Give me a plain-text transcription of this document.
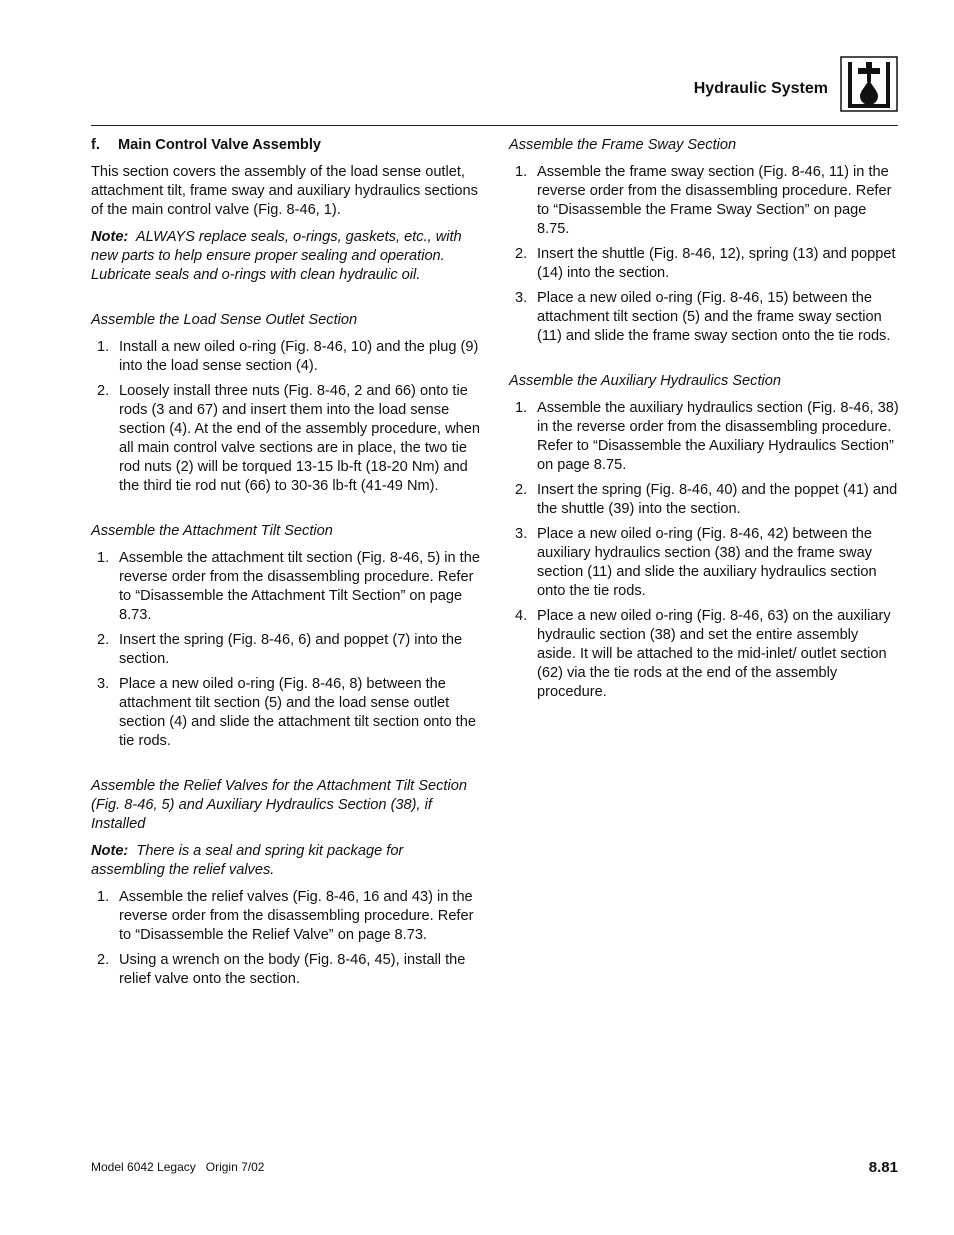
Hydraulic System
f. Main Control Valve Assembly
This section covers the assembly of the load sense outlet, attachment tilt, frame sway and auxiliary hydraulics sections of the main control valve (Fig. 8-46, 1).
Note: ALWAYS replace seals, o-rings, gaskets, etc., with new parts to help ensure proper sealing and operation. Lubricate seals and o-rings with clean hydraulic oil.
Assemble the Load Sense Outlet Section
1. Install a new oiled o-ring (Fig. 8-46, 10) and the plug (9) into the load sense section (4).
2. Loosely install three nuts (Fig. 8-46, 2 and 66) onto tie rods (3 and 67) and insert them into the load sense section (4). At the end of the assembly procedure, when all main control valve sections are in place, the two tie rod nuts (2) will be torqued 13-15 lb-ft (18-20 Nm) and the third tie rod nut (66) to 30-36 lb-ft (41-49 Nm).
Assemble the Attachment Tilt Section
1. Assemble the attachment tilt section (Fig. 8-46, 5) in the reverse order from the disassembling procedure. Refer to “Disassemble the Attachment Tilt Section” on page 8.73.
2. Insert the spring (Fig. 8-46, 6) and poppet (7) into the section.
3. Place a new oiled o-ring (Fig. 8-46, 8) between the attachment tilt section (5) and the load sense outlet section (4) and slide the attachment tilt section onto the tie rods.
Assemble the Relief Valves for the Attachment Tilt Section (Fig. 8-46, 5) and Auxiliary Hydraulics Section (38), if Installed
Note: There is a seal and spring kit package for assembling the relief valves.
1. Assemble the relief valves (Fig. 8-46, 16 and 43) in the reverse order from the disassembling procedure. Refer to “Disassemble the Relief Valve” on page 8.73.
2. Using a wrench on the body (Fig. 8-46, 45), install the relief valve onto the section.
Assemble the Frame Sway Section
1. Assemble the frame sway section (Fig. 8-46, 11) in the reverse order from the disassembling procedure. Refer to “Disassemble the Frame Sway Section” on page 8.75.
2. Insert the shuttle (Fig. 8-46, 12), spring (13) and poppet (14) into the section.
3. Place a new oiled o-ring (Fig. 8-46, 15) between the attachment tilt section (5) and the frame sway section (11) and slide the frame sway section onto the tie rods.
Assemble the Auxiliary Hydraulics Section
1. Assemble the auxiliary hydraulics section (Fig. 8-46, 38) in the reverse order from the disassembling procedure. Refer to “Disassemble the Auxiliary Hydraulics Section” on page 8.75.
2. Insert the spring (Fig. 8-46, 40) and the poppet (41) and the shuttle (39) into the section.
3. Place a new oiled o-ring (Fig. 8-46, 42) between the auxiliary hydraulics section (38) and the frame sway section (11) and slide the auxiliary hydraulics section onto the tie rods.
4. Place a new oiled o-ring (Fig. 8-46, 63) on the auxiliary hydraulic section (38) and set the entire assembly aside. It will be attached to the mid-inlet/ outlet section (62) via the tie rods at the end of the assembly procedure.
Model 6042 Legacy   Origin 7/02	8.81
